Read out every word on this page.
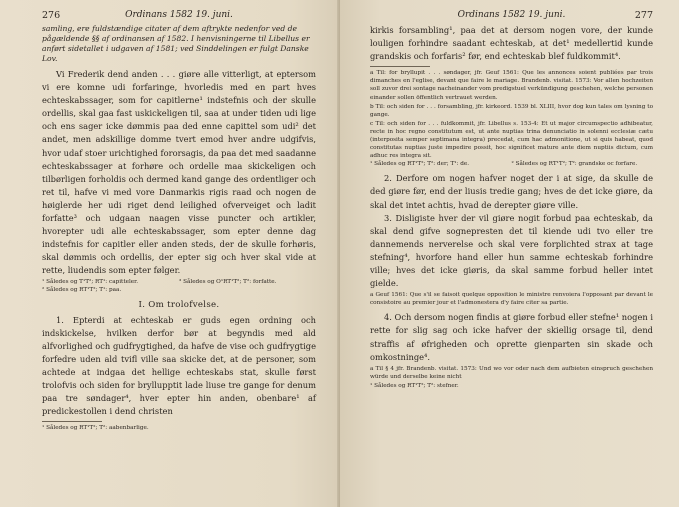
276	Ordinans 1582 19. juni.

samling, ere fuldstændige citater af dem aftrykte nedenfor ved de pågældende §§ af ordinansen af 1582. I henvisningerne til Libellus er anført sidetallet i udgaven af 1581; ved Sinddelingen er fulgt Danske Lov.

Vi Frederik dend anden . . . giøre alle vitterligt, at eptersom vi ere komne udi forfaringe, hvorledis med en part hves echteskabssager, som for capitlerne¹ indstefnis och der skulle ordellis, skal gaa fast uskickeligen til, saa at under tiden udi lige och ens sager icke dømmis paa ded enne capittel som udi² det andet, men adskillige domme tvert emod hver andre udgifvis, hvor udaf stoer urichtighed fororsagis, da paa det med saadanne echteskabssager at forhøre och ordelle maa skickeligen och tilbørligen forholdis och dermed kand gange des ordentliger och ret til, hafve vi med vore Danmarkis rigis raad och nogen de høiglerde her udi riget dend leilighed ofverveiget och ladit forfatte³ och udgaan naagen visse puncter och artikler, hvorepter udi alle echteskabssager, som epter denne dag indstefnis for capitler eller anden steds, der de skulle forhøris, skal dømmis och ordellis, der epter sig och hver skal vide at rette, liudendis som epter følger.

¹ Således og T¹T²; RT¹: capitteler.
² Således og RT¹T²; T¹: paa.
³ Således og O¹RT¹T²; T²: forfatte.
I. Om trolofvelse.

1. Epterdi at echteskab er guds egen ordning och indskickelse, hvilken derfor bør at begyndis med ald alfvorlighed och gudfrygtighed, da hafve de vise och gudfrygtige forfedre uden ald tvifl ville saa skicke det, at de personer, som achtede at indgaa det hellige echteskabs stat, skulle først trolofvis och siden for bryllupptit lade liuse tre gange for denum paa tre søndager⁴, hver epter hin anden, obenbare¹ af predickestollen i dend christen

¹ Således og RT¹T²; T²: aabenbarlige.

Ordinans 1582 19. juni.	277

kirkis forsambling¹, paa det at dersom nogen vore, der kunde louligen forhindre saadant echteskab, at det¹ medellertid kunde grandskis och forfaris² før, end echteskab blef fuldkommit⁴.

a Til: for bryllupit . . . søndager, jfr. Geuf 1561: Que les annonces soient publiées par trois dimanches en l'eglise, devant que faire le mariage. Brandenb. visitat. 1573: Vor allen hochzeiten soll zuvor drei sontage nacheinander vom predigstuel verkündigung geschehen, welche personen einander sollen öffentlich vertrauet werden.

b Til: och siden for . . . forsambling, jfr. kirkeord. 1539 bl. XLIII, hvor dog kun tales om lysning to gange.

c Til: och siden for . . . fuldkommit, jfr. Libellus s. 153-4: Et ut major circumspectio adhibeatur, recte in hoc regno constitutum est, ut ante nuptias trina denunciatio in solenni ecclesiæ cætu (interposita semper septimana integra) precedat, cum hac admonitione, ut si quis habeat, quod constitutas nuptias juste impedire possit, hoc significet mature ante diem nuptiis dictum, cum adhuc res integra sit.

¹ Således og RT¹T²; T²: der; T¹: de.	² Således og RT¹T²; T²: grandske oc forfare.

2. Derfore om nogen hafver noget der i at sige, da skulle de ded giøre før, end der liusis tredie gang; hves de det icke giøre, da skal det intet achtis, hvad de derepter giøre ville.

3. Disligiste hver der vil giøre nogit forbud paa echteskab, da skal dend gifve sognepresten det til kiende udi tvo eller tre dannemends nerverelse och skal vere forplichted strax at tage stefning⁴, hvorfore hand eller hun samme echteskab forhindre ville; hves det icke giøris, da skal samme forbud heller intet gielde.

a Geuf 1561: Que s'il se faisoit quelque opposition le ministre renvoiera l'opposant par devant le consistoire au premier jour et l'admonestera d'y faire citer sa partie.

4. Och dersom nogen findis at giøre forbud eller stefne¹ nogen i rette for slig sag och icke hafver der skiellig orsage til, dend straffis af øfrigheden och oprette gienparten sin skade och omkostninge⁴.

a Til § 4 jfr. Brandenb. visitat. 1573: Und wo vor oder nach dem aufbieten einspruch geschehen würde und derselbe keine nicht

¹ Således og RT¹T²; T²: stefner.
